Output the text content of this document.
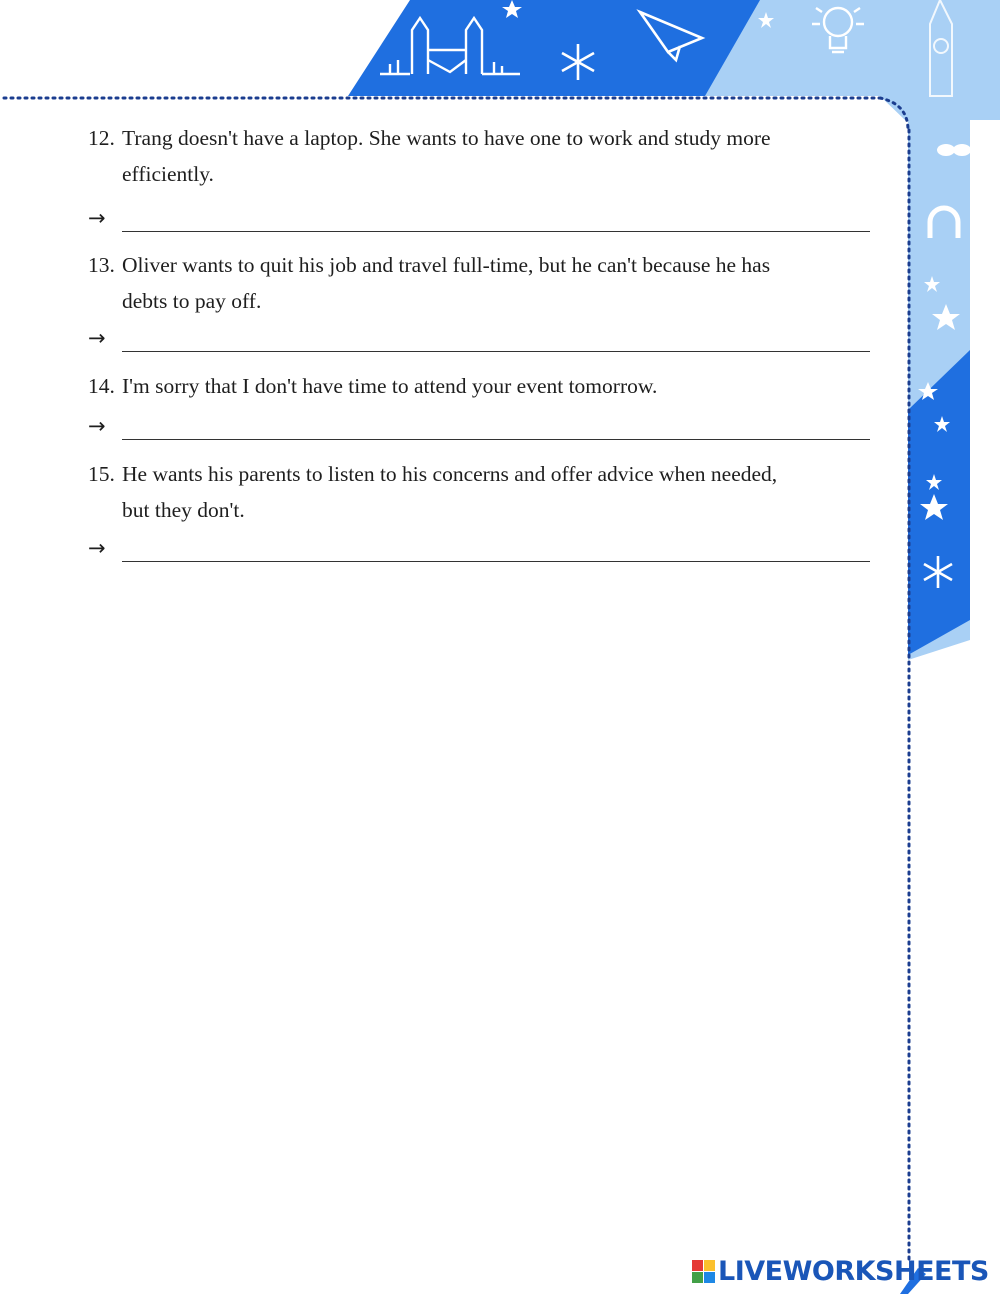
12. Trang doesn't have a laptop. She wants to have one to work and study more
efficiently.
→
13. Oliver wants to quit his job and travel full-time, but he can't because he has
debts to pay off.
→
14. I'm sorry that I don't have time to attend your event tomorrow.
→
15. He wants his parents to listen to his concerns and offer advice when needed,
but they don't.
→
LIVEWORKSHEETS
